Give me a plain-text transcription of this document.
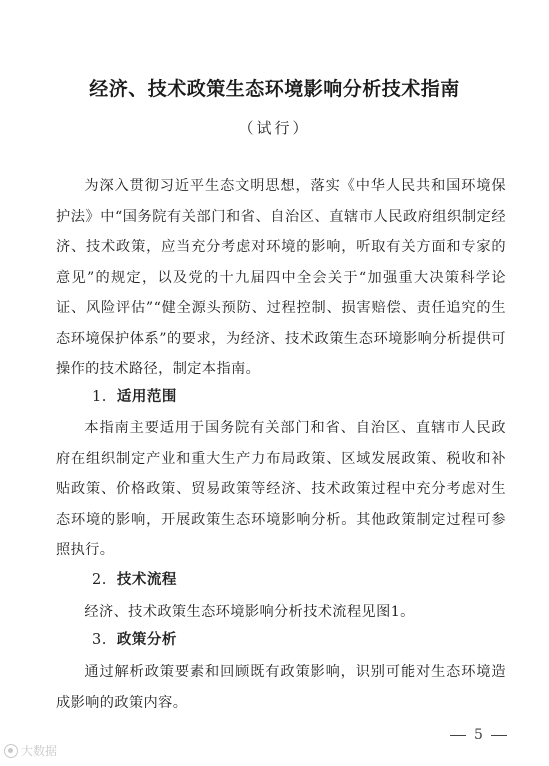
经济、技术政策生态环境影响分析技术指南
（试行）

为深入贯彻习近平生态文明思想，落实《中华人民共和国环境保护法》中“国务院有关部门和省、自治区、直辖市人民政府组织制定经济、技术政策，应当充分考虑对环境的影响，听取有关方面和专家的意见”的规定，以及党的十九届四中全会关于“加强重大决策科学论证、风险评估”“健全源头预防、过程控制、损害赔偿、责任追究的生态环境保护体系”的要求，为经济、技术政策生态环境影响分析提供可操作的技术路径，制定本指南。

1. 适用范围

本指南主要适用于国务院有关部门和省、自治区、直辖市人民政府在组织制定产业和重大生产力布局政策、区域发展政策、税收和补贴政策、价格政策、贸易政策等经济、技术政策过程中充分考虑对生态环境的影响，开展政策生态环境影响分析。其他政策制定过程可参照执行。

2. 技术流程

经济、技术政策生态环境影响分析技术流程见图1。

3. 政策分析

通过解析政策要素和回顾既有政策影响，识别可能对生态环境造成影响的政策内容。

5
大数据
